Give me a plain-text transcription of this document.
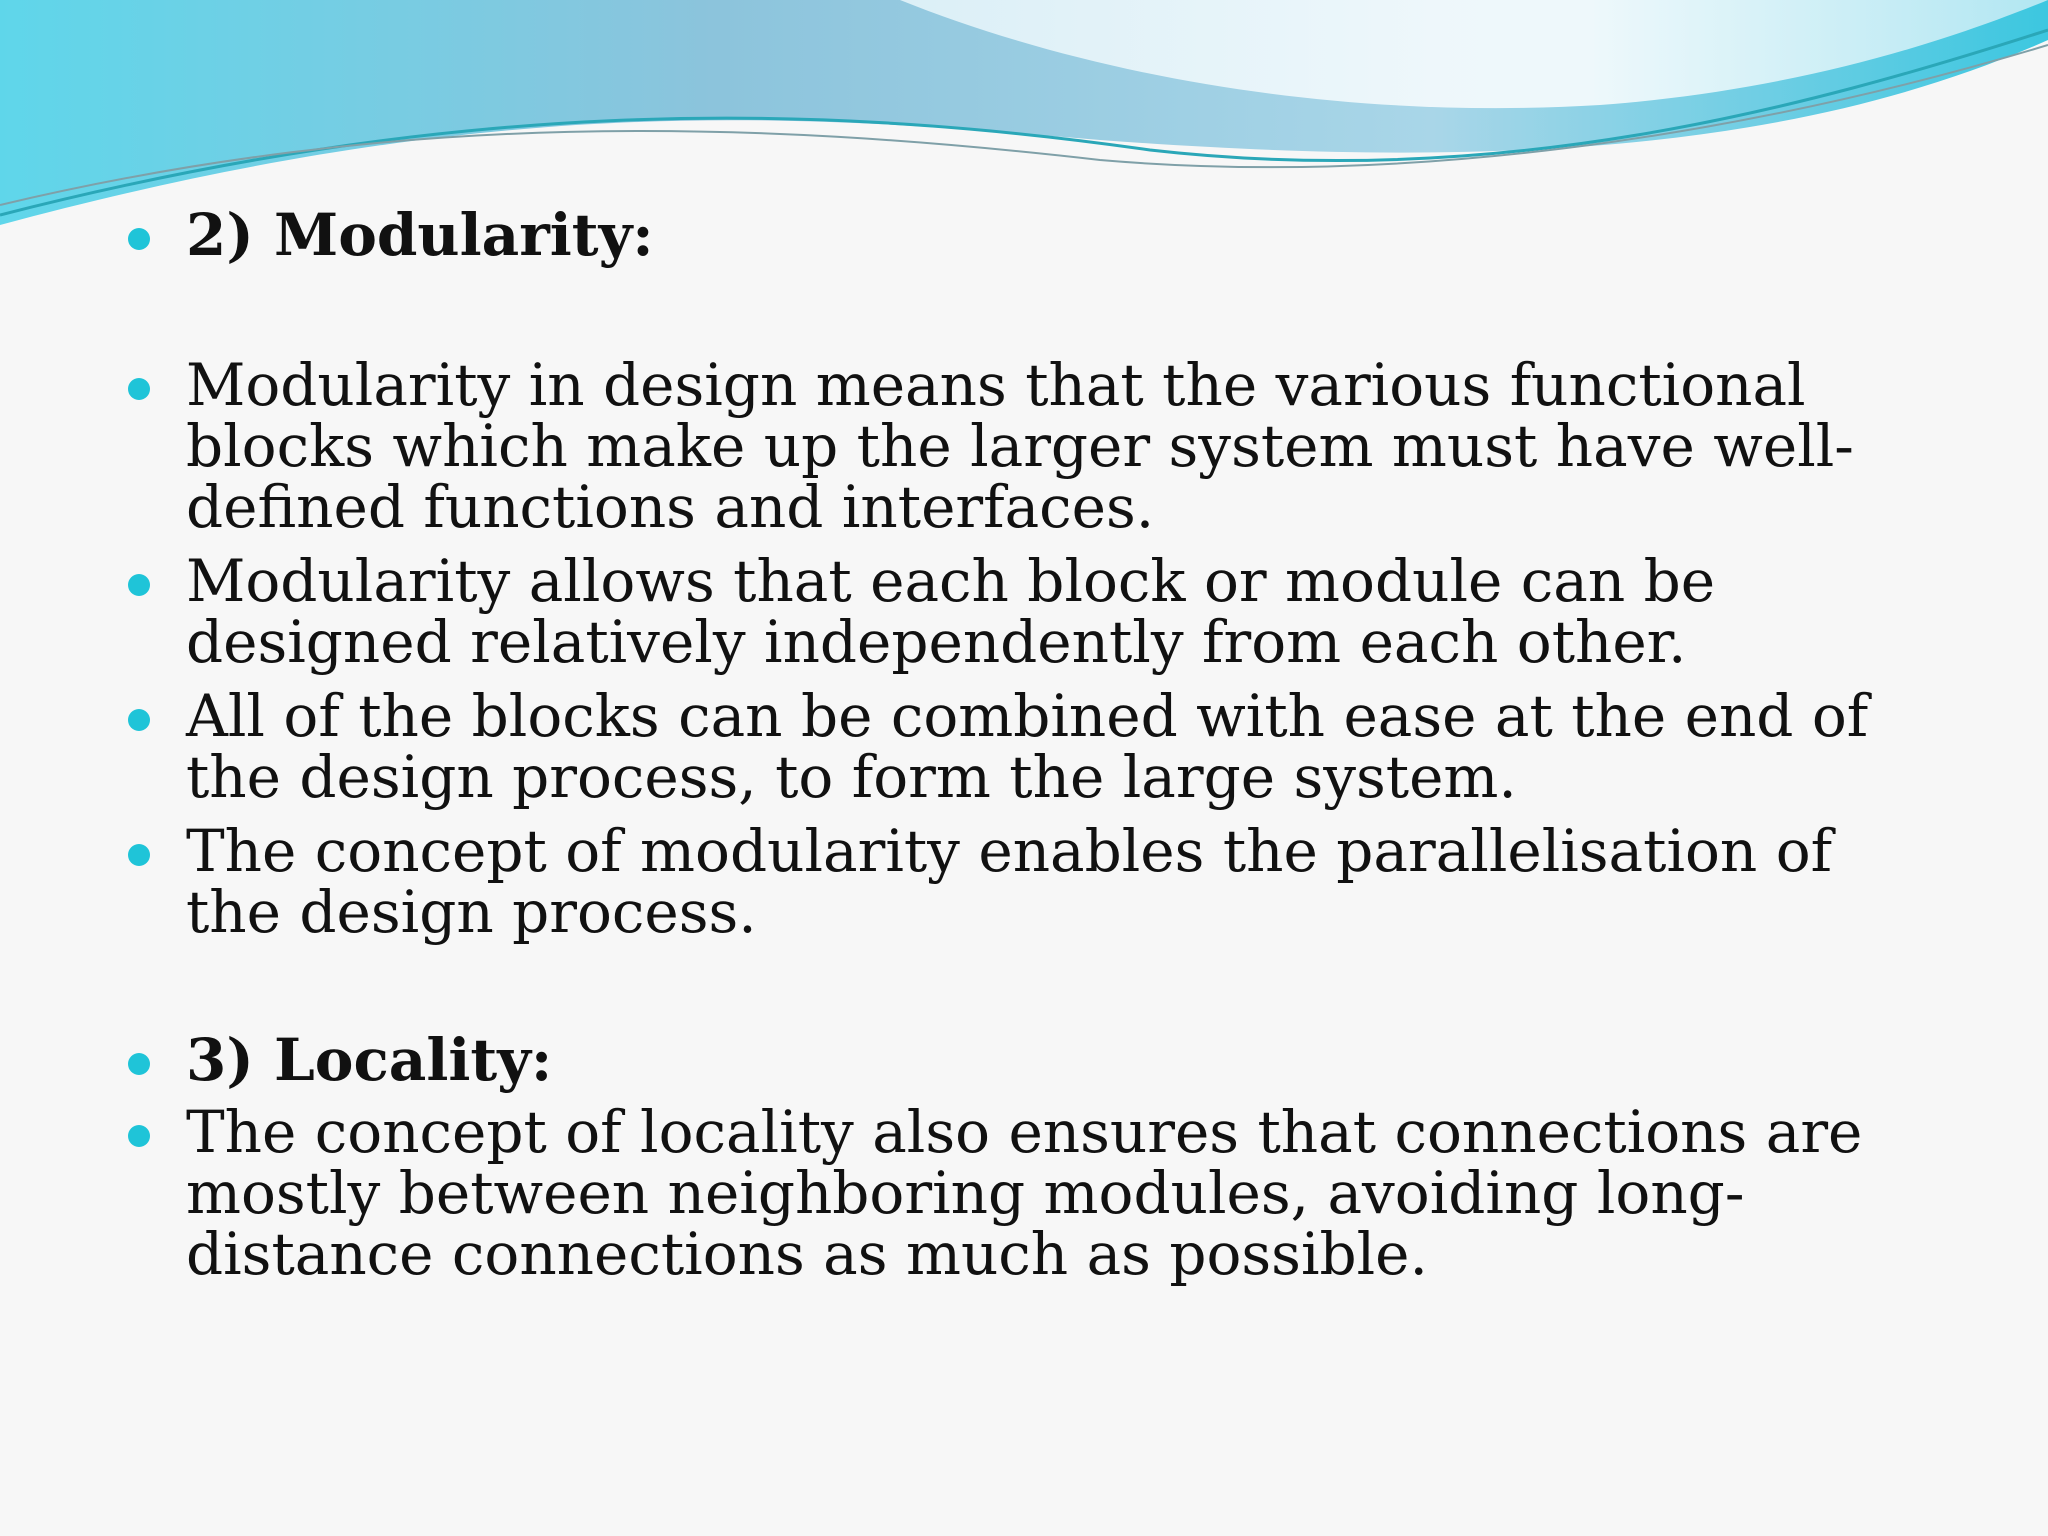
2) Modularity:
Modularity in design means that the various functional blocks which make up the larger system must have well-defined functions and interfaces.
Modularity allows that each block or module can be designed relatively independently from each other.
All of the blocks can be combined with ease at the end of the design process, to form the large system.
The concept of modularity enables the parallelisation of the design process.
3) Locality:
The concept of locality also ensures that connections are mostly between neighboring modules, avoiding long-distance connections as much as possible.
